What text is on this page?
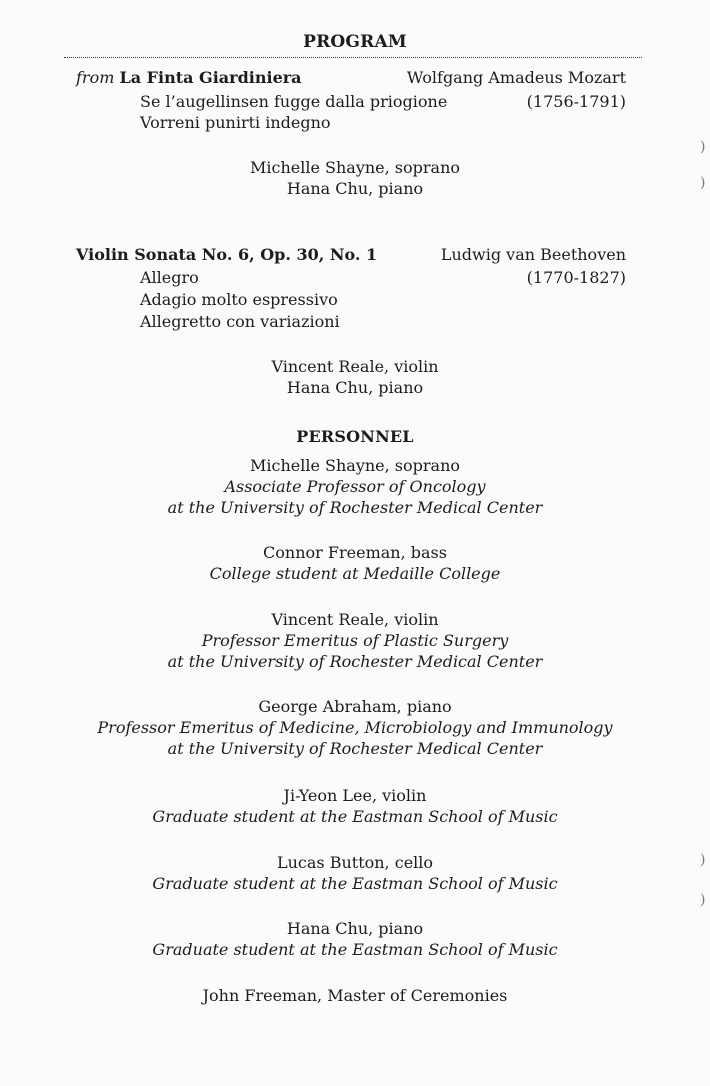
PROGRAM
from La Finta Giardiniera	Wolfgang Amadeus Mozart
Se l’augellinsen fugge dalla priogione	(1756-1791)
Vorreni punirti indegno
Michelle Shayne, soprano
Hana Chu, piano
Violin Sonata No. 6, Op. 30, No. 1	Ludwig van Beethoven
Allegro	(1770-1827)
Adagio molto espressivo
Allegretto con variazioni
Vincent Reale, violin
Hana Chu, piano
PERSONNEL
Michelle Shayne, soprano
Associate Professor of Oncology
at the University of Rochester Medical Center
Connor Freeman, bass
College student at Medaille College
Vincent Reale, violin
Professor Emeritus of Plastic Surgery
at the University of Rochester Medical Center
George Abraham, piano
Professor Emeritus of Medicine, Microbiology and Immunology
at the University of Rochester Medical Center
Ji-Yeon Lee, violin
Graduate student at the Eastman School of Music
Lucas Button, cello
Graduate student at the Eastman School of Music
Hana Chu, piano
Graduate student at the Eastman School of Music
John Freeman, Master of Ceremonies
)
)
)
)
